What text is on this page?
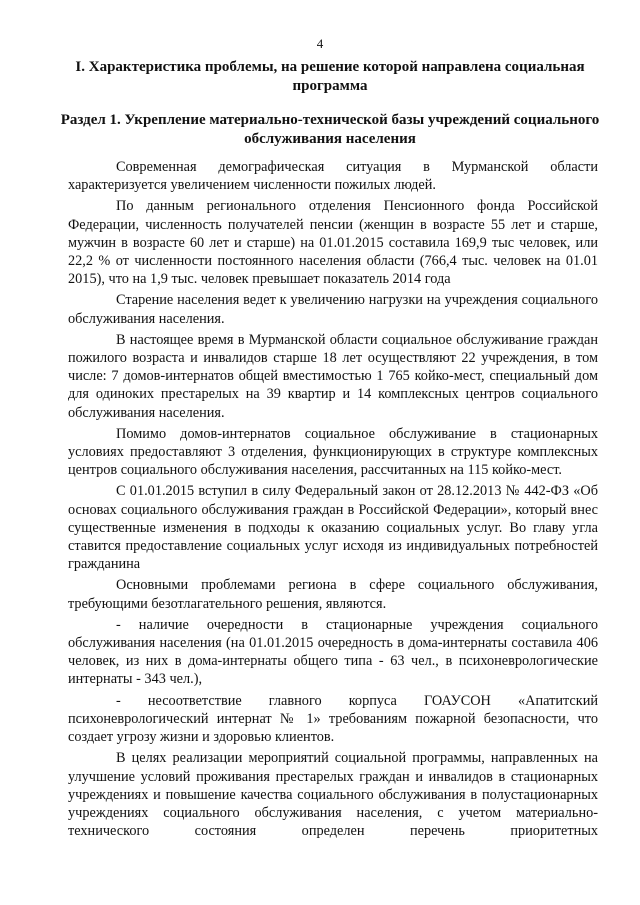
4
I. Характеристика проблемы, на решение которой направлена социальная программа
Раздел 1. Укрепление материально-технической базы учреждений социального обслуживания населения

Современная демографическая ситуация в Мурманской области характеризуется увеличением численности пожилых людей.

По данным регионального отделения Пенсионного фонда Российской Федерации, численность получателей пенсии (женщин в возрасте 55 лет и старше, мужчин в возрасте 60 лет и старше) на 01.01.2015 составила 169,9 тыс человек, или 22,2 % от численности постоянного населения области (766,4 тыс. человек на 01.01 2015), что на 1,9 тыс. человек превышает показатель 2014 года

Старение населения ведет к увеличению нагрузки на учреждения социального обслуживания населения.

В настоящее время в Мурманской области социальное обслуживание граждан пожилого возраста и инвалидов старше 18 лет осуществляют 22 учреждения, в том числе: 7 домов-интернатов общей вместимостью 1 765 койко-мест, специальный дом для одиноких престарелых на 39 квартир и 14 комплексных центров социального обслуживания населения.

Помимо домов-интернатов социальное обслуживание в стационарных условиях предоставляют 3 отделения, функционирующих в структуре комплексных центров социального обслуживания населения, рассчитанных на 115 койко-мест.

С 01.01.2015 вступил в силу Федеральный закон от 28.12.2013 № 442-ФЗ «Об основах социального обслуживания граждан в Российской Федерации», который внес существенные изменения в подходы к оказанию социальных услуг. Во главу угла ставится предоставление социальных услуг исходя из индивидуальных потребностей гражданина

Основными проблемами региона в сфере социального обслуживания, требующими безотлагательного решения, являются.

- наличие очередности в стационарные учреждения социального обслуживания населения (на 01.01.2015 очередность в дома-интернаты составила 406 человек, из них в дома-интернаты общего типа - 63 чел., в психоневрологические интернаты - 343 чел.),

- несоответствие главного корпуса ГОАУСОН «Апатитский психоневрологический интернат № 1» требованиям пожарной безопасности, что создает угрозу жизни и здоровью клиентов.

В целях реализации мероприятий социальной программы, направленных на улучшение условий проживания престарелых граждан и инвалидов в стационарных учреждениях и повышение качества социального обслуживания в полустационарных учреждениях социального обслуживания населения, с учетом материально-технического состояния определен перечень приоритетных
